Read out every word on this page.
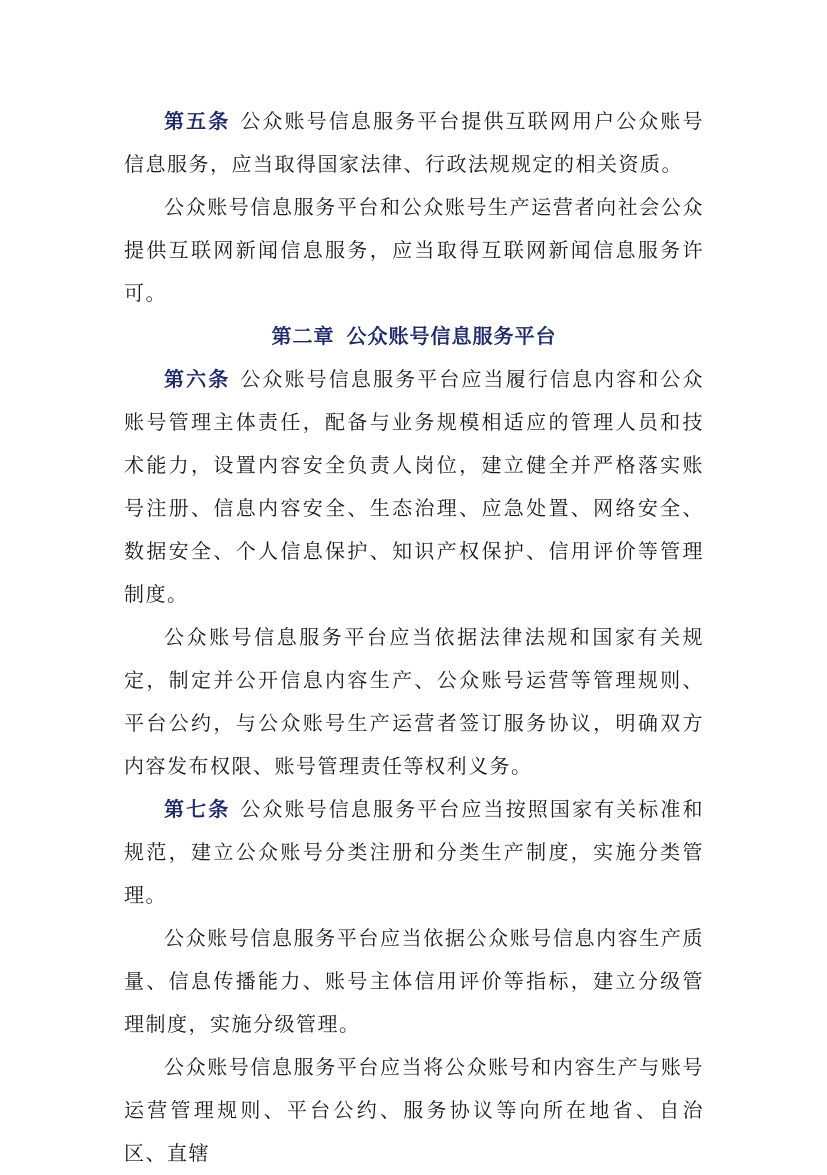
第五条 公众账号信息服务平台提供互联网用户公众账号信息服务，应当取得国家法律、行政法规规定的相关资质。

公众账号信息服务平台和公众账号生产运营者向社会公众提供互联网新闻信息服务，应当取得互联网新闻信息服务许可。

第二章 公众账号信息服务平台

第六条 公众账号信息服务平台应当履行信息内容和公众账号管理主体责任，配备与业务规模相适应的管理人员和技术能力，设置内容安全负责人岗位，建立健全并严格落实账号注册、信息内容安全、生态治理、应急处置、网络安全、数据安全、个人信息保护、知识产权保护、信用评价等管理制度。

公众账号信息服务平台应当依据法律法规和国家有关规定，制定并公开信息内容生产、公众账号运营等管理规则、平台公约，与公众账号生产运营者签订服务协议，明确双方内容发布权限、账号管理责任等权利义务。

第七条 公众账号信息服务平台应当按照国家有关标准和规范，建立公众账号分类注册和分类生产制度，实施分类管理。

公众账号信息服务平台应当依据公众账号信息内容生产质量、信息传播能力、账号主体信用评价等指标，建立分级管理制度，实施分级管理。

公众账号信息服务平台应当将公众账号和内容生产与账号运营管理规则、平台公约、服务协议等向所在地省、自治区、直辖
